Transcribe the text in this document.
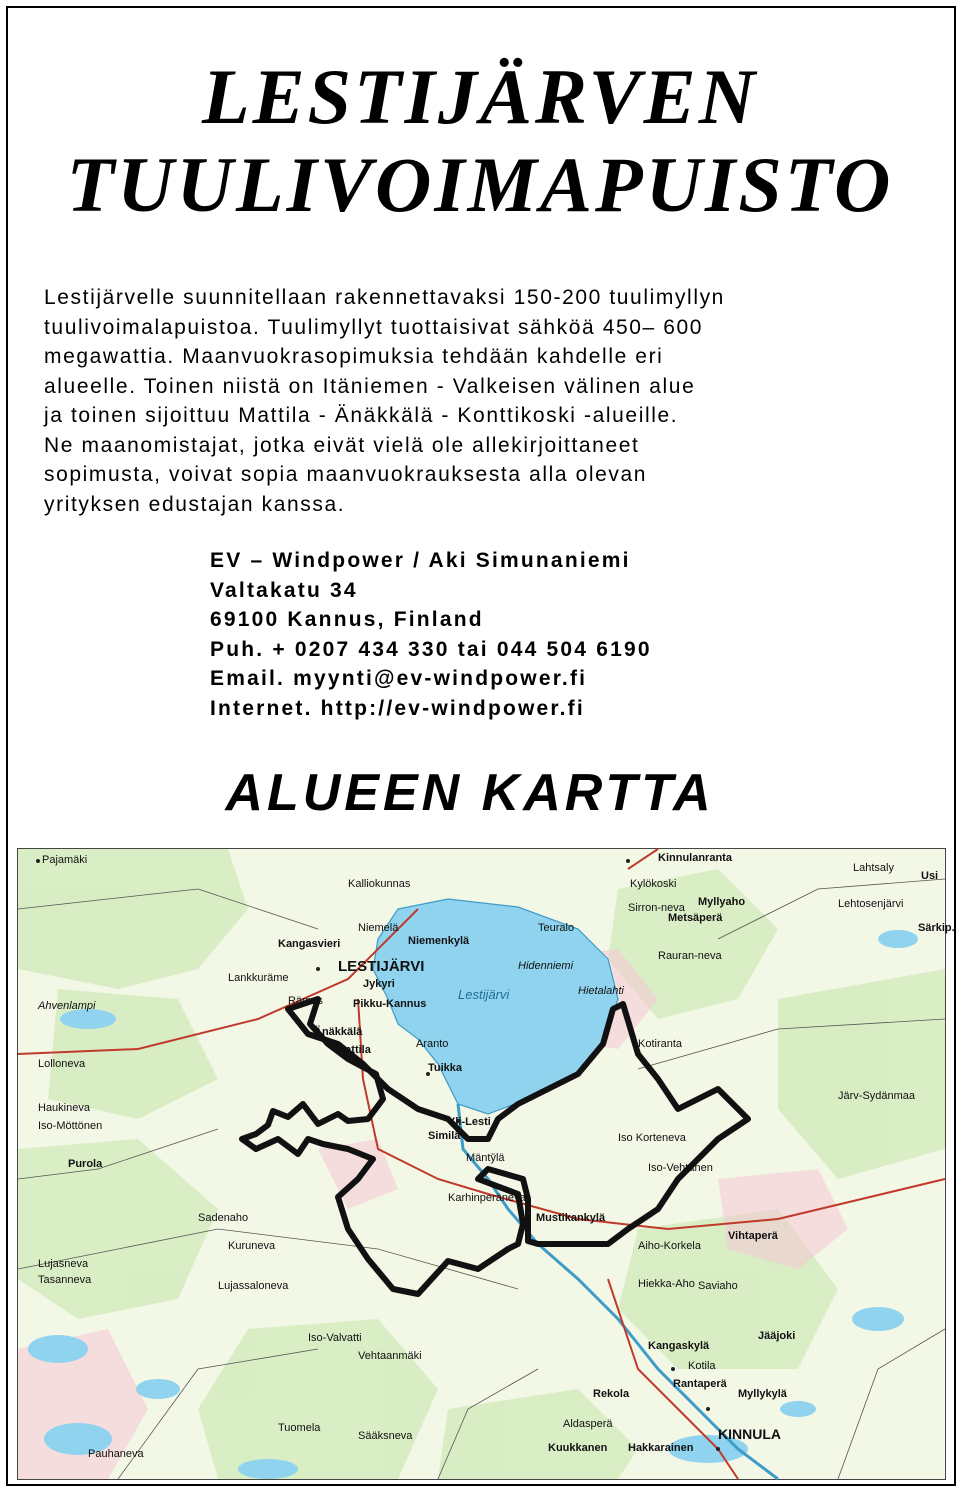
LESTIJÄRVEN
TUULIVOIMAPUISTO

Lestijärvelle suunnitellaan rakennettavaksi 150-200 tuulimyllyn
tuulivoimalapuistoa. Tuulimyllyt tuottaisivat sähköä 450– 600
megawattia. Maanvuokrasopimuksia tehdään kahdelle eri
alueelle. Toinen niistä on Itäniemen - Valkeisen välinen alue
ja toinen sijoittuu Mattila - Änäkkälä - Konttikoski -alueille.
Ne maanomistajat, jotka eivät vielä ole allekirjoittaneet
sopimusta, voivat sopia maanvuokrauksesta alla olevan
yrityksen edustajan kanssa.

EV – Windpower / Aki Simunaniemi
Valtakatu 34
69100 Kannus, Finland
Puh. + 0207 434 330 tai 044 504 6190
Email. myynti@ev-windpower.fi
Internet. http://ev-windpower.fi
ALUEEN KARTTA
Pajamäki	Kinnulanranta
Lahtsaly
Usi
Kalliokunnas	Kylökoski
Sirron-neva
Metsäperä
Myllyaho	Lehtosenjärvi
Särkip.
Niemelä
Niemenkylä
Teuralo
Kangasvieri
Rauran-neva
LESTIJÄRVI	Hidenniemi
Lankkuräme	Jykyri
Lestijärvi	Hietalahti
Rämes	Pikku-Kannus
Ahvenlampi
Änäkkälä
Mattila	Aranto	Kotiranta
Tuikka
Lolloneva
Järv-Sydänmaa
Yli-Lesti
Haukineva
Iso-Möttönen
Similä	Iso Korteneva
Mänty̆lä
Purola	Iso-Vehtanen
Karhinperäneva
Mustikankylä
Sadenaho
Kuruneva	Aiho-Korkela
Vihtaperä
Lujasneva
Tasanneva	Hiekka-Aho Saviaho
Lujassaloneva
Jääjoki
Kangaskylä
Iso-Valvatti
Vehtaanmäki
Kotila
Rantaperä
Rekola	Myllykylä
Aldasperä
Tuomela
Sääksneva
Kuukkanen Hakkarainen
KINNULA
Pauhaneva
